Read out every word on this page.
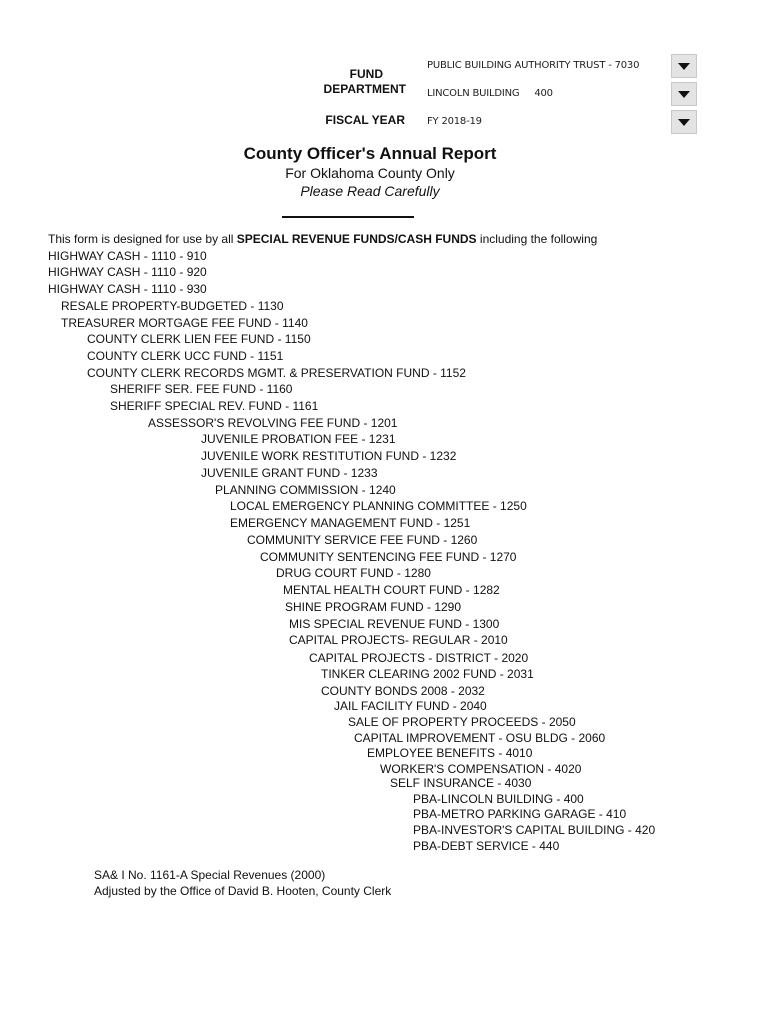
FUND
DEPARTMENT
FISCAL YEAR
PUBLIC BUILDING AUTHORITY TRUST - 7030
LINCOLN BUILDING     400
FY 2018-19
County Officer's Annual Report
For Oklahoma County Only
Please Read Carefully
This form is designed for use by all SPECIAL REVENUE FUNDS/CASH FUNDS including the following
HIGHWAY CASH - 1110 - 910
HIGHWAY CASH - 1110 - 920
HIGHWAY CASH - 1110 - 930
RESALE PROPERTY-BUDGETED - 1130
TREASURER MORTGAGE FEE FUND - 1140
COUNTY CLERK LIEN FEE FUND - 1150
COUNTY CLERK UCC FUND - 1151
COUNTY CLERK RECORDS MGMT. & PRESERVATION FUND - 1152
SHERIFF SER. FEE FUND - 1160
SHERIFF SPECIAL REV. FUND - 1161
ASSESSOR'S REVOLVING FEE FUND - 1201
JUVENILE PROBATION FEE - 1231
JUVENILE WORK RESTITUTION FUND - 1232
JUVENILE GRANT FUND - 1233
PLANNING COMMISSION - 1240
LOCAL EMERGENCY PLANNING COMMITTEE - 1250
EMERGENCY MANAGEMENT FUND - 1251
COMMUNITY SERVICE FEE FUND - 1260
COMMUNITY SENTENCING FEE FUND - 1270
DRUG COURT FUND - 1280
MENTAL HEALTH COURT FUND - 1282
SHINE PROGRAM FUND - 1290
MIS SPECIAL REVENUE FUND - 1300
CAPITAL PROJECTS- REGULAR - 2010
CAPITAL PROJECTS - DISTRICT - 2020
TINKER CLEARING 2002 FUND - 2031
COUNTY BONDS 2008 - 2032
JAIL FACILITY FUND - 2040
SALE OF PROPERTY PROCEEDS - 2050
CAPITAL IMPROVEMENT - OSU BLDG - 2060
EMPLOYEE BENEFITS - 4010
WORKER'S COMPENSATION - 4020
SELF INSURANCE - 4030
PBA-LINCOLN BUILDING - 400
PBA-METRO PARKING GARAGE - 410
PBA-INVESTOR'S CAPITAL BUILDING - 420
PBA-DEBT SERVICE - 440
SA& I No. 1161-A Special Revenues (2000)
Adjusted by the Office of David B. Hooten, County Clerk
